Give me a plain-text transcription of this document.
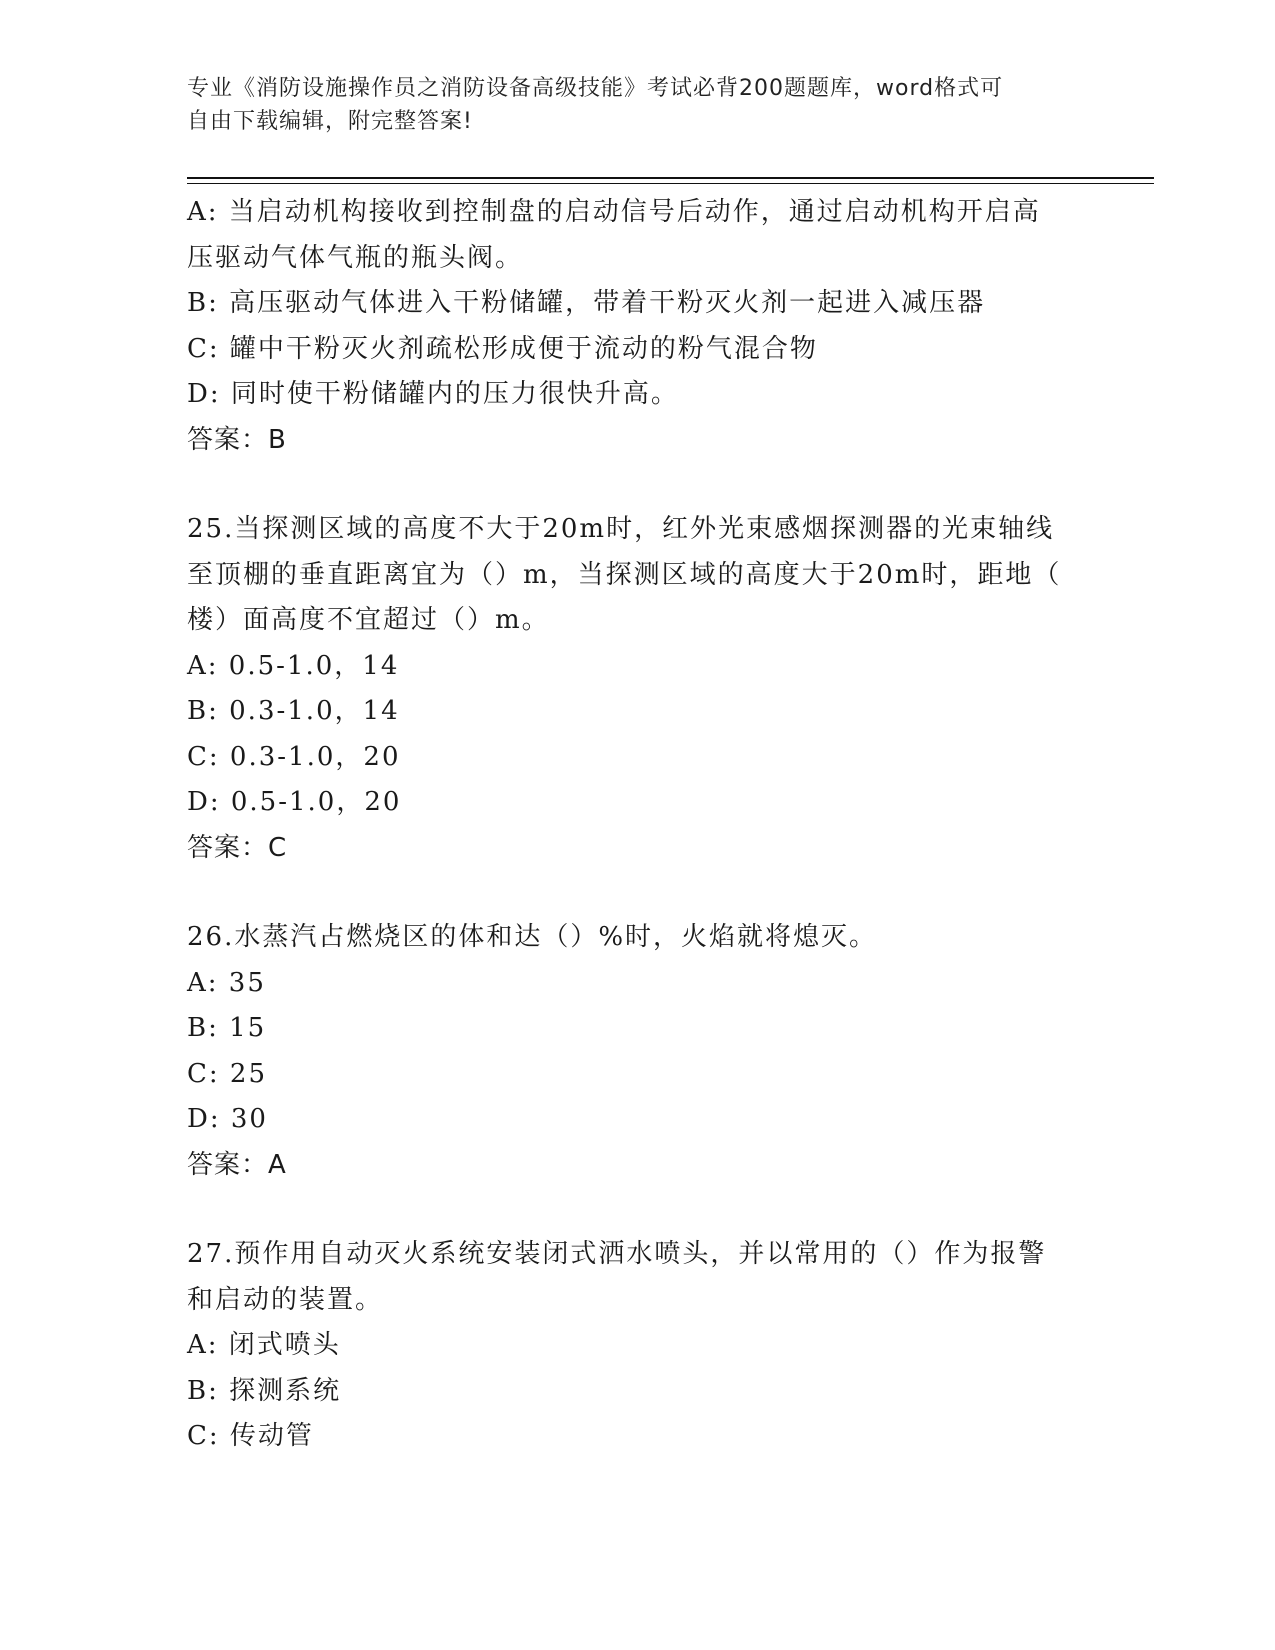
专业《消防设施操作员之消防设备高级技能》考试必背200题题库，word格式可
自由下载编辑，附完整答案!
A: 当启动机构接收到控制盘的启动信号后动作，通过启动机构开启高
压驱动气体气瓶的瓶头阀。
B: 高压驱动气体进入干粉储罐，带着干粉灭火剂一起进入减压器
C: 罐中干粉灭火剂疏松形成便于流动的粉气混合物
D: 同时使干粉储罐内的压力很快升高。
答案：B
25.当探测区域的高度不大于20m时，红外光束感烟探测器的光束轴线
至顶棚的垂直距离宜为（）m，当探测区域的高度大于20m时，距地（
楼）面高度不宜超过（）m。
A: 0.5-1.0，14
B: 0.3-1.0，14
C: 0.3-1.0，20
D: 0.5-1.0，20
答案：C
26.水蒸汽占燃烧区的体和达（）%时，火焰就将熄灭。
A: 35
B: 15
C: 25
D: 30
答案：A
27.预作用自动灭火系统安装闭式洒水喷头，并以常用的（）作为报警
和启动的装置。
A: 闭式喷头
B: 探测系统
C: 传动管
